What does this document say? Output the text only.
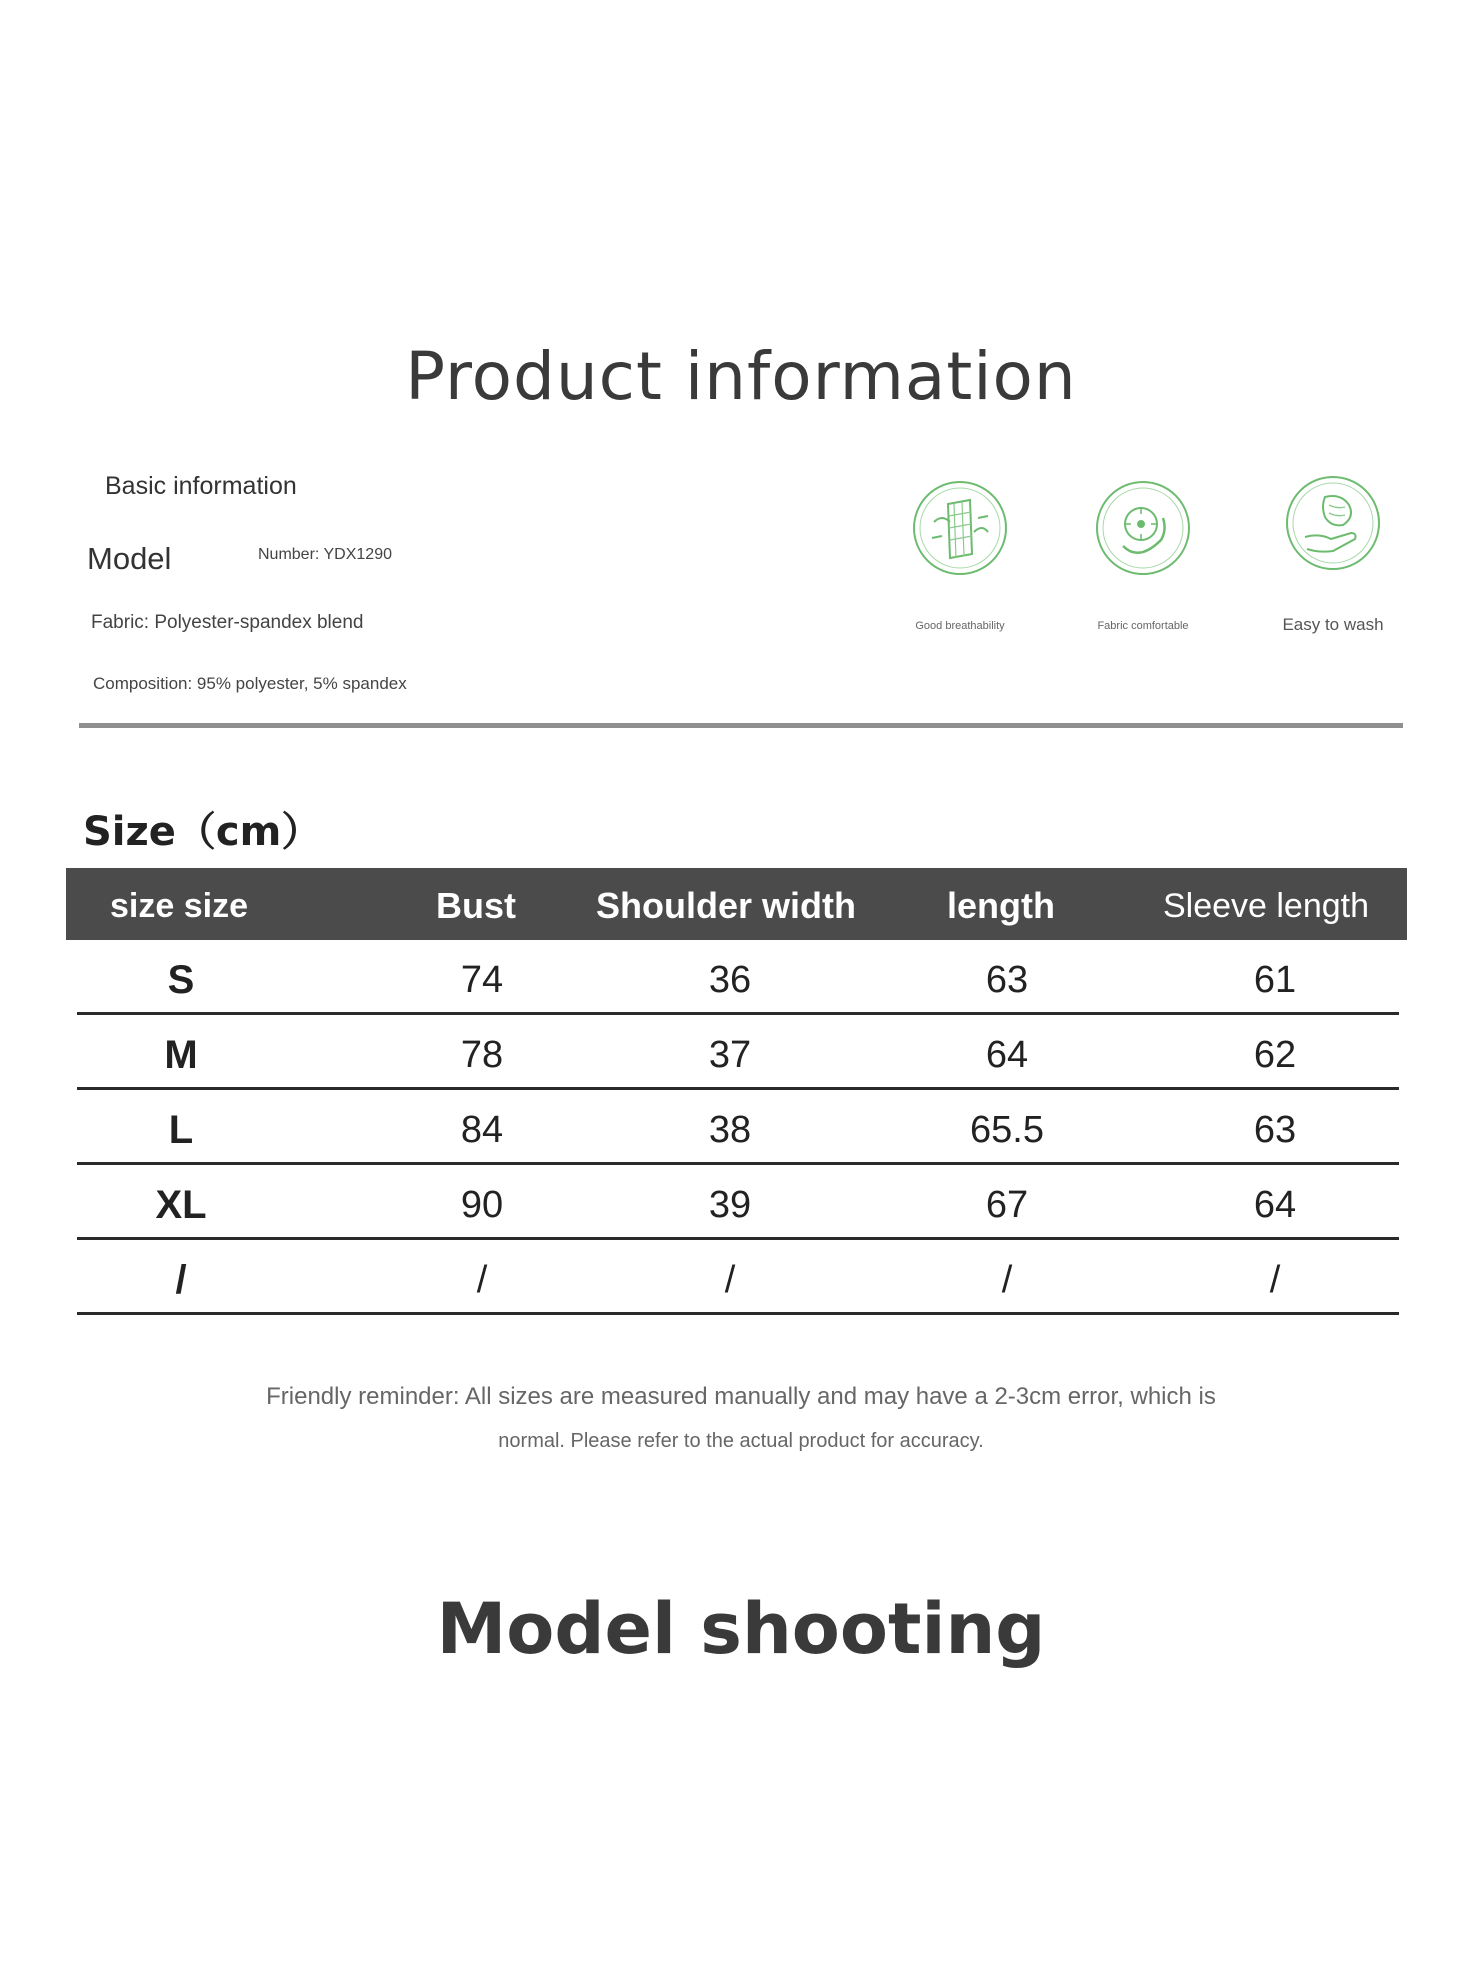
Product information
Basic information
Model	Number: YDX1290
Fabric: Polyester-spandex blend
Composition: 95% polyester, 5% spandex
Good breathability	Fabric comfortable	Easy to wash
Size（cm）
size size	Bust	Shoulder width	length	Sleeve length
S	74	36	63	61
M	78	37	64	62
L	84	38	65.5	63
XL	90	39	67	64
/	/	/	/	/
Friendly reminder: All sizes are measured manually and may have a 2-3cm error, which is
normal. Please refer to the actual product for accuracy.
Model shooting
